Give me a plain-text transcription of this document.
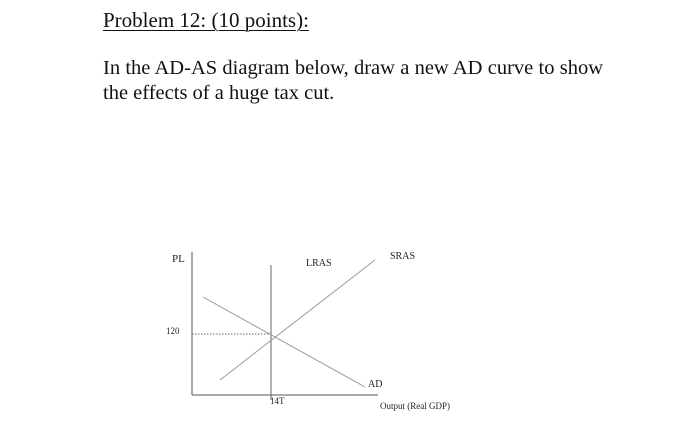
Problem 12: (10 points):
In the AD-AS diagram below, draw a new AD curve to show the effects of a huge tax cut.
PL
120
LRAS
SRAS
AD
14T	Output (Real GDP)
